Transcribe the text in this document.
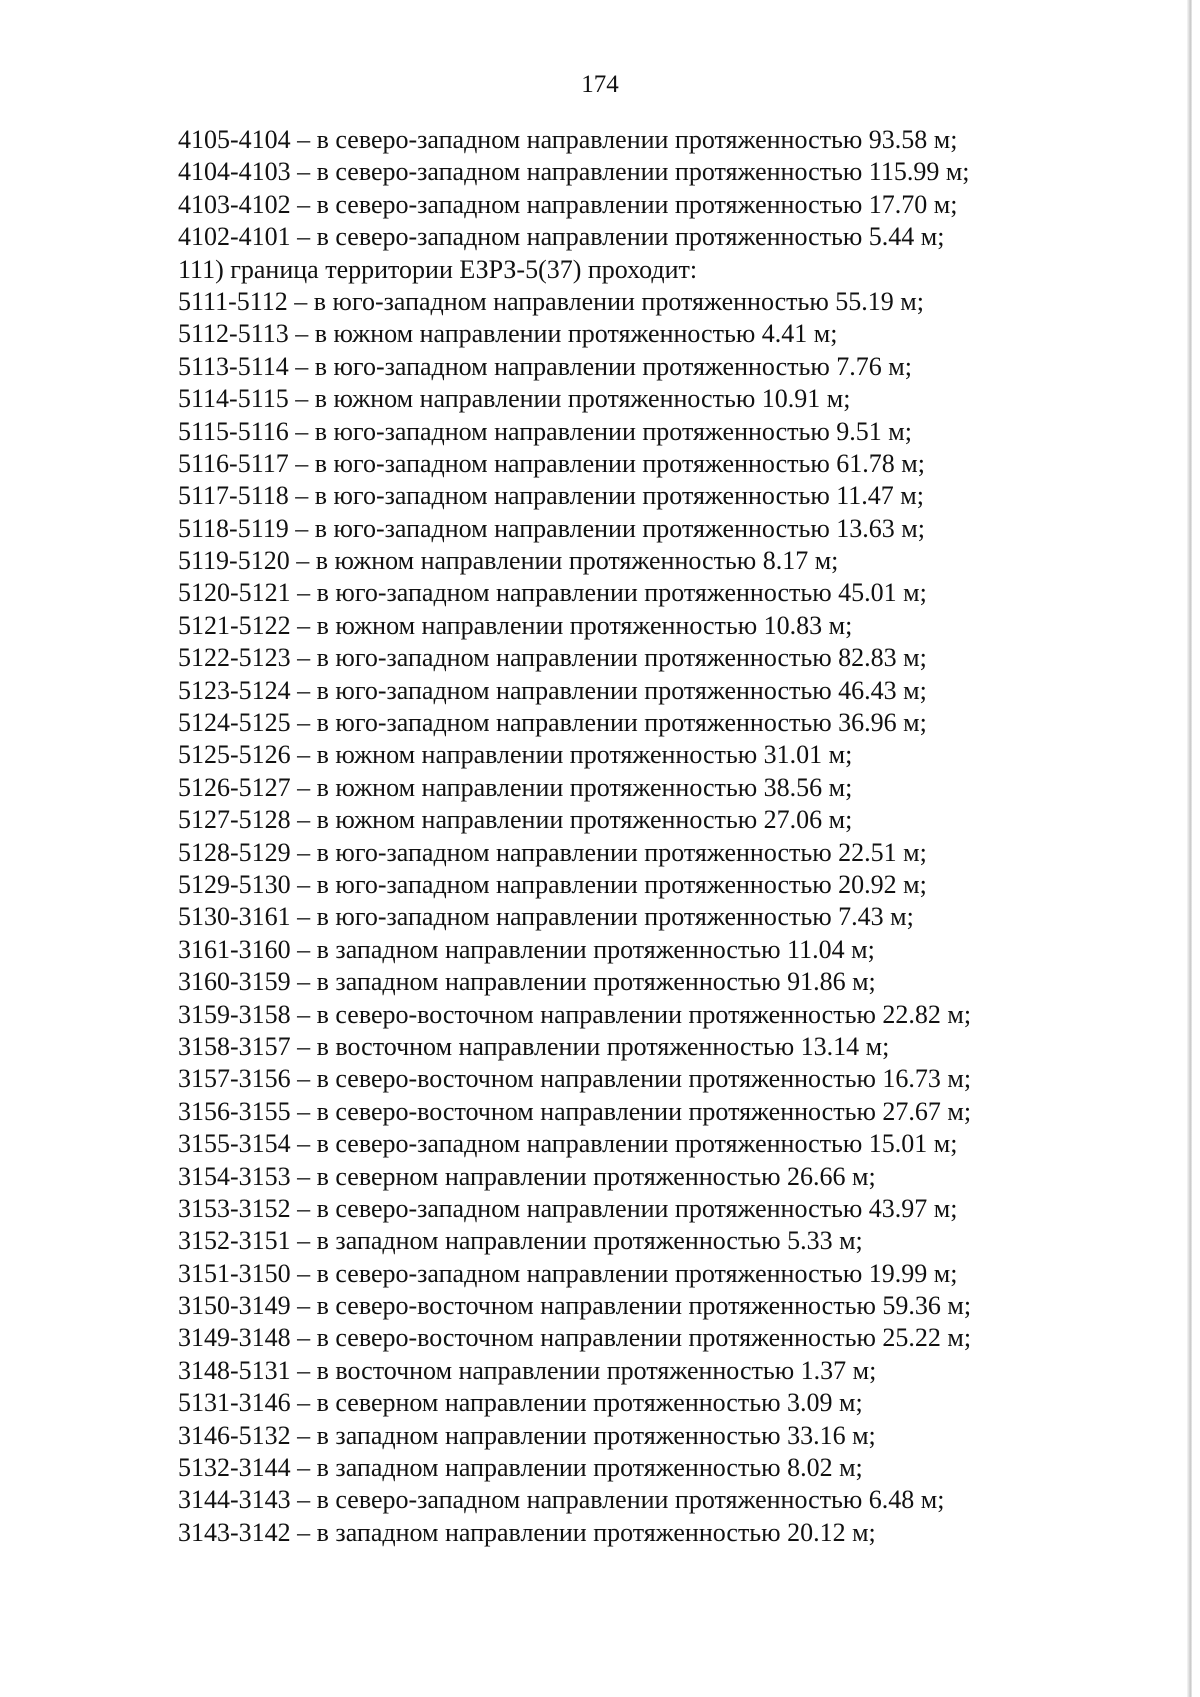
174
4105-4104 – в северо-западном направлении протяженностью 93.58 м;
4104-4103 – в северо-западном направлении протяженностью 115.99 м;
4103-4102 – в северо-западном направлении протяженностью 17.70 м;
4102-4101 – в северо-западном направлении протяженностью 5.44 м;
111) граница территории ЕЗРЗ-5(37) проходит:
5111-5112 – в юго-западном направлении протяженностью 55.19 м;
5112-5113 – в южном направлении протяженностью 4.41 м;
5113-5114 – в юго-западном направлении протяженностью 7.76 м;
5114-5115 – в южном направлении протяженностью 10.91 м;
5115-5116 – в юго-западном направлении протяженностью 9.51 м;
5116-5117 – в юго-западном направлении протяженностью 61.78 м;
5117-5118 – в юго-западном направлении протяженностью 11.47 м;
5118-5119 – в юго-западном направлении протяженностью 13.63 м;
5119-5120 – в южном направлении протяженностью 8.17 м;
5120-5121 – в юго-западном направлении протяженностью 45.01 м;
5121-5122 – в южном направлении протяженностью 10.83 м;
5122-5123 – в юго-западном направлении протяженностью 82.83 м;
5123-5124 – в юго-западном направлении протяженностью 46.43 м;
5124-5125 – в юго-западном направлении протяженностью 36.96 м;
5125-5126 – в южном направлении протяженностью 31.01 м;
5126-5127 – в южном направлении протяженностью 38.56 м;
5127-5128 – в южном направлении протяженностью 27.06 м;
5128-5129 – в юго-западном направлении протяженностью 22.51 м;
5129-5130 – в юго-западном направлении протяженностью 20.92 м;
5130-3161 – в юго-западном направлении протяженностью 7.43 м;
3161-3160 – в западном направлении протяженностью 11.04 м;
3160-3159 – в западном направлении протяженностью 91.86 м;
3159-3158 – в северо-восточном направлении протяженностью 22.82 м;
3158-3157 – в восточном направлении протяженностью 13.14 м;
3157-3156 – в северо-восточном направлении протяженностью 16.73 м;
3156-3155 – в северо-восточном направлении протяженностью 27.67 м;
3155-3154 – в северо-западном направлении протяженностью 15.01 м;
3154-3153 – в северном направлении протяженностью 26.66 м;
3153-3152 – в северо-западном направлении протяженностью 43.97 м;
3152-3151 – в западном направлении протяженностью 5.33 м;
3151-3150 – в северо-западном направлении протяженностью 19.99 м;
3150-3149 – в северо-восточном направлении протяженностью 59.36 м;
3149-3148 – в северо-восточном направлении протяженностью 25.22 м;
3148-5131 – в восточном направлении протяженностью 1.37 м;
5131-3146 – в северном направлении протяженностью 3.09 м;
3146-5132 – в западном направлении протяженностью 33.16 м;
5132-3144 – в западном направлении протяженностью 8.02 м;
3144-3143 – в северо-западном направлении протяженностью 6.48 м;
3143-3142 – в западном направлении протяженностью 20.12 м;
